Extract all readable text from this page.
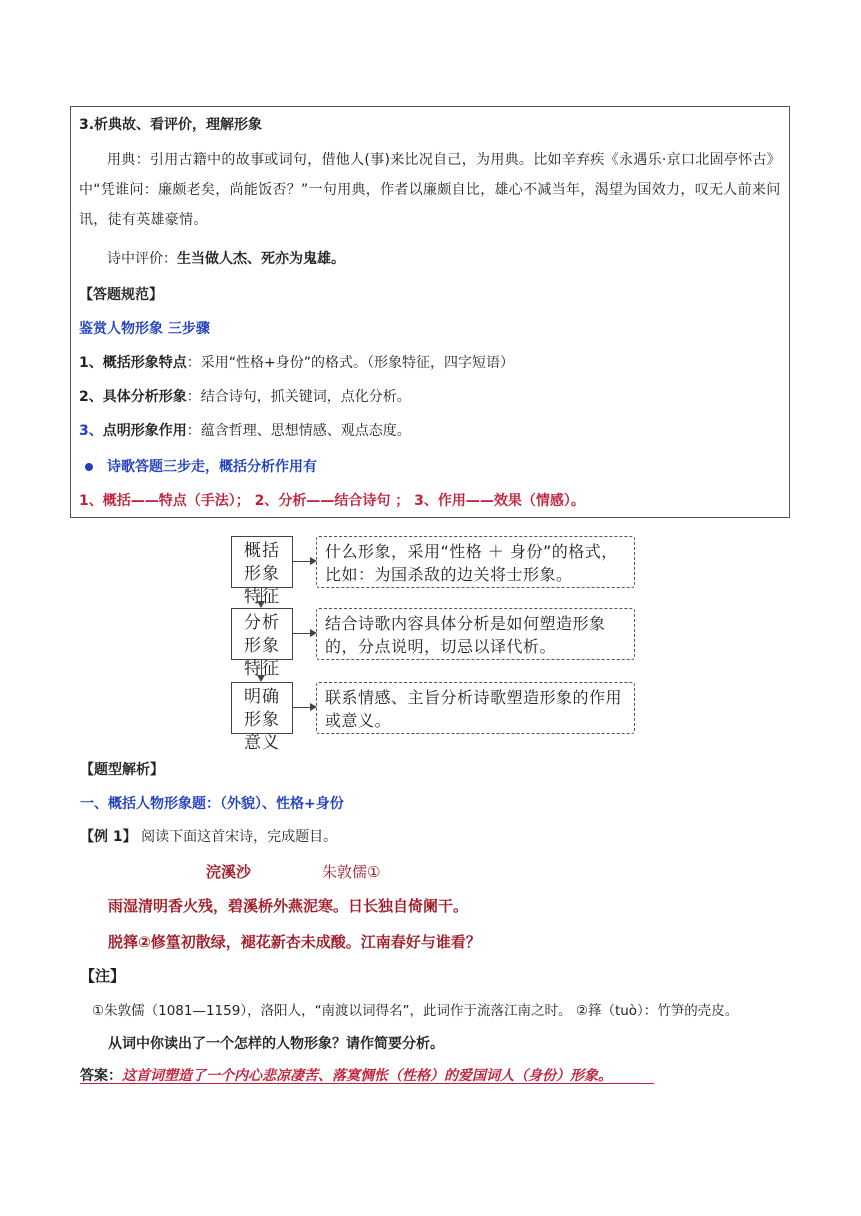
3.析典故、看评价，理解形象
用典：引用古籍中的故事或词句，借他人(事)来比况自己，为用典。比如辛弃疾《永遇乐·京口北固亭怀古》中“凭谁问：廉颇老矣，尚能饭否？”一句用典，作者以廉颇自比，雄心不减当年，渴望为国效力，叹无人前来问讯，徒有英雄豪情。
诗中评价：生当做人杰、死亦为鬼雄。
【答题规范】
鉴赏人物形象 三步骤
1、概括形象特点：采用“性格+身份”的格式。（形象特征，四字短语）
2、具体分析形象：结合诗句，抓关键词，点化分析。
3、点明形象作用：蕴含哲理、思想情感、观点态度。
诗歌答题三步走，概括分析作用有
1、概括——特点（手法）； 2、分析——结合诗句 ； 3、作用——效果（情感）。
概括形象特征
什么形象，采用“性格 ＋ 身份”的格式，比如：为国杀敌的边关将士形象。
分析形象特征
结合诗歌内容具体分析是如何塑造形象的，分点说明，切忌以译代析。
明确形象意义
联系情感、主旨分析诗歌塑造形象的作用或意义。
【题型解析】
一、概括人物形象题：（外貌）、性格+身份
【例 1】 阅读下面这首宋诗，完成题目。
浣溪沙	朱敦儒①
雨湿清明香火残，碧溪桥外燕泥寒。日长独自倚阑干。
脱箨②修篁初散绿，褪花新杏未成酸。江南春好与谁看？
【注】
①朱敦儒（1081—1159），洛阳人，“南渡以词得名”，此词作于流落江南之时。 ②箨（tuò）：竹笋的壳皮。
从词中你读出了一个怎样的人物形象？请作简要分析。
答案：这首词塑造了一个内心悲凉凄苦、落寞惆怅（性格）的爱国词人（身份）形象。
